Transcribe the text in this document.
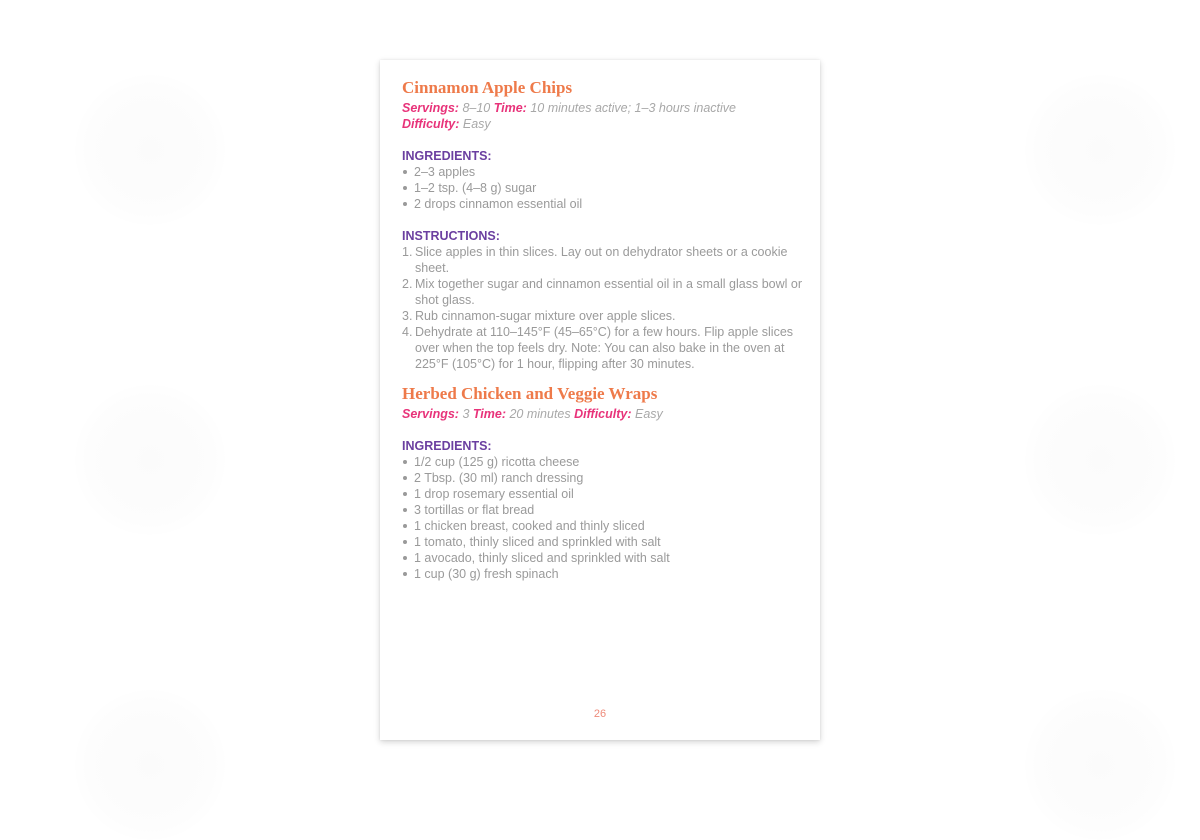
Cinnamon Apple Chips
Servings: 8–10 Time: 10 minutes active; 1–3 hours inactive
Difficulty: Easy
INGREDIENTS:
2–3 apples
1–2 tsp. (4–8 g) sugar
2 drops cinnamon essential oil
INSTRUCTIONS:
1. Slice apples in thin slices. Lay out on dehydrator sheets or a cookie sheet.
2. Mix together sugar and cinnamon essential oil in a small glass bowl or shot glass.
3. Rub cinnamon-sugar mixture over apple slices.
4. Dehydrate at 110–145°F (45–65°C) for a few hours. Flip apple slices over when the top feels dry. Note: You can also bake in the oven at 225°F (105°C) for 1 hour, flipping after 30 minutes.
Herbed Chicken and Veggie Wraps
Servings: 3 Time: 20 minutes Difficulty: Easy
INGREDIENTS:
1/2 cup (125 g) ricotta cheese
2 Tbsp. (30 ml) ranch dressing
1 drop rosemary essential oil
3 tortillas or flat bread
1 chicken breast, cooked and thinly sliced
1 tomato, thinly sliced and sprinkled with salt
1 avocado, thinly sliced and sprinkled with salt
1 cup (30 g) fresh spinach
26
